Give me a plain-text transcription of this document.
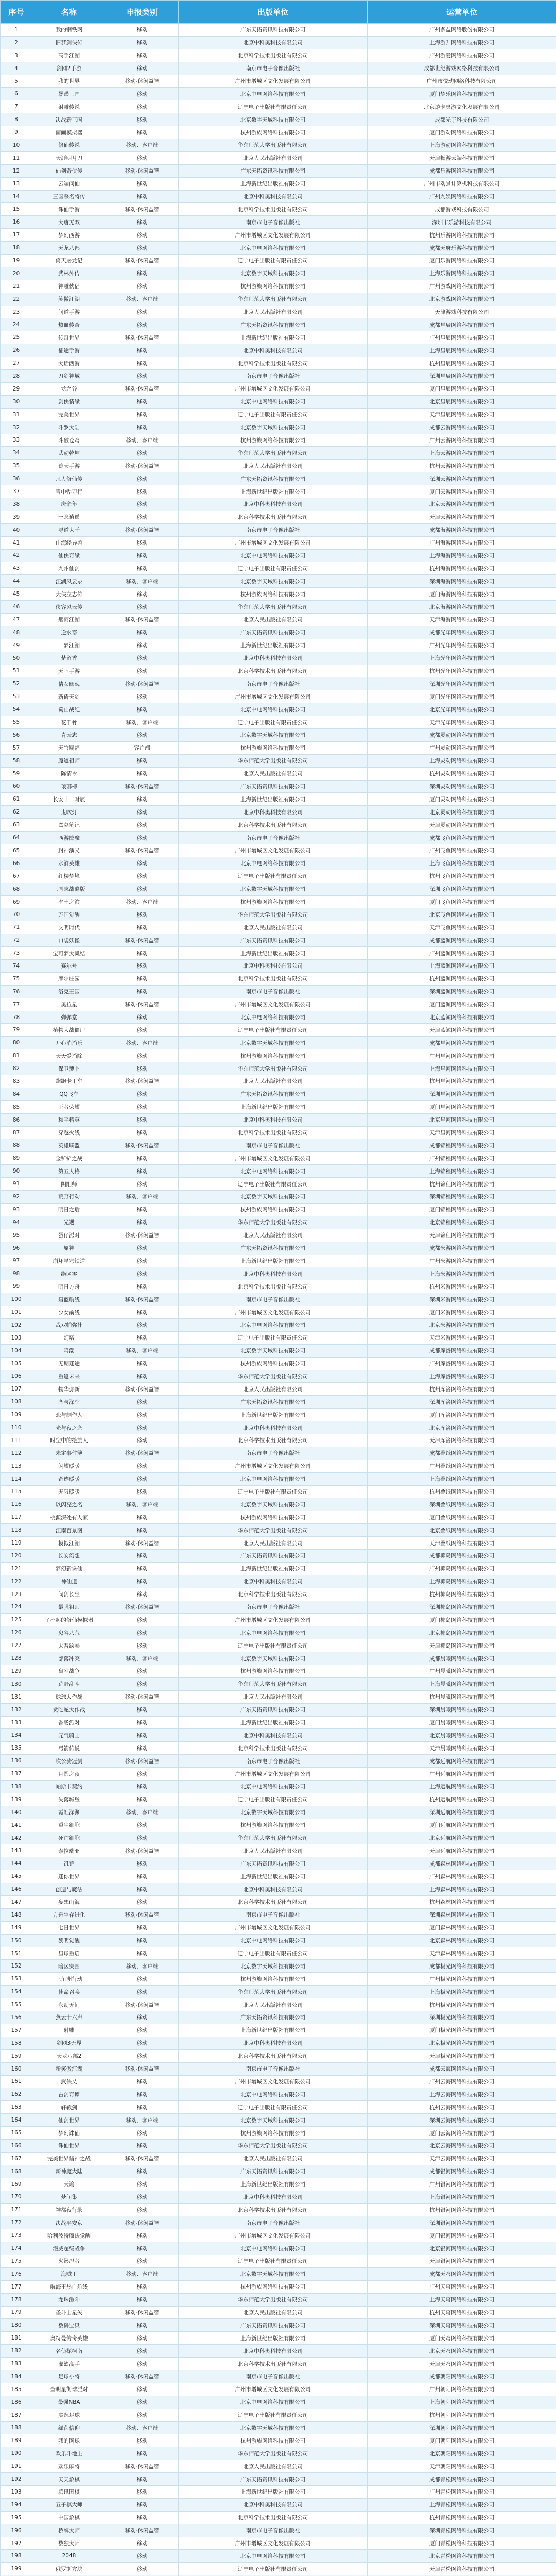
序号	名称	申报类别	出版单位	运营单位
1	我的钢铁网	移动	广东天拓资讯科技有限公司	广州多益网络股份有限公司
2	旧梦剑侠传	移动	北京中科奥科技有限公司	上海游升网络科技有限公司
3	高手江湖	移动	北京科学技术出版社有限公司	广州游爱网络科技有限公司
4	剑网2手游	移动	南京市电子音像出版社	成都世纪游戏网络科技有限公司
5	我的世界	移动-休闲益智	广州市增城区文化发展有限公司	广州市悦动网络科技有限公司
6	暴躁三国	移动	北京中电网络科技有限公司	厦门梦乐网络科技有限公司
7	射雕传说	移动	辽宁电子出版社有限责任公司	北京游卡桌游文化发展有限公司
8	决战新三国	移动	北京数字天域科技有限公司	成都光子科技有限公司
9	画画模拟器	移动	杭州游族网络科技有限公司	厦门游动网络科技有限公司
10	修仙传说	移动、客户端	华东师范大学出版社有限公司	上海游动网络科技有限公司
11	天涯明月刀	移动	北京人民出版社有限公司	天津畅游云端科技有限公司
12	仙剑奇侠传	移动-休闲益智	广东天拓资讯科技有限公司	成都乐游网络科技有限公司
13	云端问仙	移动	上海新世纪出版社有限公司	广州市动景计算机科技有限公司
14	三国杀名将传	移动	北京中科奥科技有限公司	广州九娱网络科技有限公司
15	诛仙手游	移动-休闲益智	北京科学技术出版社有限公司	成都游戏科技有限公司
16	大唐无双	移动	南京市电子音像出版社	深圳市乐游科技有限公司
17	梦幻西游	移动	广州市增城区文化发展有限公司	杭州乐游网络科技有限公司
18	天龙八部	移动	北京中电网络科技有限公司	成都天府乐游科技有限公司
19	倚天屠龙记	移动-休闲益智	辽宁电子出版社有限责任公司	厦门乐游网络科技有限公司
20	武林外传	移动	北京数字天域科技有限公司	上海乐游网络科技有限公司
21	神雕侠侣	移动	杭州游族网络科技有限公司	广州游戏网络科技有限公司
22	笑傲江湖	移动、客户端	华东师范大学出版社有限公司	北京游戏网络科技有限公司
23	问道手游	移动	北京人民出版社有限公司	天津游戏科技有限公司
24	热血传奇	移动	广东天拓资讯科技有限公司	成都星辰网络科技有限公司
25	传奇世界	移动-休闲益智	上海新世纪出版社有限公司	广州星辰网络科技有限公司
26	征途手游	移动	北京中科奥科技有限公司	上海星辰网络科技有限公司
27	大话西游	移动	北京科学技术出版社有限公司	杭州星辰网络科技有限公司
28	刀剑神域	移动	南京市电子音像出版社	深圳星辰网络科技有限公司
29	龙之谷	移动-休闲益智	广州市增城区文化发展有限公司	厦门星辰网络科技有限公司
30	剑侠情缘	移动	北京中电网络科技有限公司	北京星辰网络科技有限公司
31	完美世界	移动	辽宁电子出版社有限责任公司	天津星辰网络科技有限公司
32	斗罗大陆	移动	北京数字天域科技有限公司	成都云游网络科技有限公司
33	斗破苍穹	移动、客户端	杭州游族网络科技有限公司	广州云游网络科技有限公司
34	武动乾坤	移动	华东师范大学出版社有限公司	上海云游网络科技有限公司
35	遮天手游	移动-休闲益智	北京人民出版社有限公司	杭州云游网络科技有限公司
36	凡人修仙传	移动	广东天拓资讯科技有限公司	深圳云游网络科技有限公司
37	雪中悍刀行	移动	上海新世纪出版社有限公司	厦门云游网络科技有限公司
38	庆余年	移动	北京中科奥科技有限公司	北京云游网络科技有限公司
39	一念逍遥	移动	北京科学技术出版社有限公司	天津云游网络科技有限公司
40	寻道大千	移动-休闲益智	南京市电子音像出版社	成都海游网络科技有限公司
41	山海经异兽	移动	广州市增城区文化发展有限公司	广州海游网络科技有限公司
42	仙侠奇缘	移动	北京中电网络科技有限公司	上海海游网络科技有限公司
43	九州仙剑	移动	辽宁电子出版社有限责任公司	杭州海游网络科技有限公司
44	江湖风云录	移动、客户端	北京数字天域科技有限公司	深圳海游网络科技有限公司
45	大侠立志传	移动	杭州游族网络科技有限公司	厦门海游网络科技有限公司
46	侠客风云传	移动	华东师范大学出版社有限公司	北京海游网络科技有限公司
47	烟雨江湖	移动-休闲益智	北京人民出版社有限公司	天津海游网络科技有限公司
48	逆水寒	移动	广东天拓资讯科技有限公司	成都光年网络科技有限公司
49	一梦江湖	移动	上海新世纪出版社有限公司	广州光年网络科技有限公司
50	楚留香	移动	北京中科奥科技有限公司	上海光年网络科技有限公司
51	天下手游	移动	北京科学技术出版社有限公司	杭州光年网络科技有限公司
52	倩女幽魂	移动-休闲益智	南京市电子音像出版社	深圳光年网络科技有限公司
53	新倚天剑	移动	广州市增城区文化发展有限公司	厦门光年网络科技有限公司
54	蜀山战纪	移动	北京中电网络科技有限公司	北京光年网络科技有限公司
55	花千骨	移动、客户端	辽宁电子出版社有限责任公司	天津光年网络科技有限公司
56	青云志	移动	北京数字天域科技有限公司	成都灵动网络科技有限公司
57	天官赐福	客户端	杭州游族网络科技有限公司	广州灵动网络科技有限公司
58	魔道祖师	移动	华东师范大学出版社有限公司	上海灵动网络科技有限公司
59	陈情令	移动	北京人民出版社有限公司	杭州灵动网络科技有限公司
60	琅琊榜	移动-休闲益智	广东天拓资讯科技有限公司	深圳灵动网络科技有限公司
61	长安十二时辰	移动	上海新世纪出版社有限公司	厦门灵动网络科技有限公司
62	鬼吹灯	移动	北京中科奥科技有限公司	北京灵动网络科技有限公司
63	盗墓笔记	移动	北京科学技术出版社有限公司	天津灵动网络科技有限公司
64	西游降魔	移动	南京市电子音像出版社	成都飞鱼网络科技有限公司
65	封神演义	移动-休闲益智	广州市增城区文化发展有限公司	广州飞鱼网络科技有限公司
66	水浒英雄	移动	北京中电网络科技有限公司	上海飞鱼网络科技有限公司
67	红楼梦境	移动	辽宁电子出版社有限责任公司	杭州飞鱼网络科技有限公司
68	三国志战略版	移动	北京数字天域科技有限公司	深圳飞鱼网络科技有限公司
69	率土之滨	移动、客户端	杭州游族网络科技有限公司	厦门飞鱼网络科技有限公司
70	万国觉醒	移动	华东师范大学出版社有限公司	北京飞鱼网络科技有限公司
71	文明时代	移动	北京人民出版社有限公司	天津飞鱼网络科技有限公司
72	口袋妖怪	移动-休闲益智	广东天拓资讯科技有限公司	成都蓝鲸网络科技有限公司
73	宝可梦大集结	移动	上海新世纪出版社有限公司	广州蓝鲸网络科技有限公司
74	赛尔号	移动	北京中科奥科技有限公司	上海蓝鲸网络科技有限公司
75	摩尔庄园	移动	北京科学技术出版社有限公司	杭州蓝鲸网络科技有限公司
76	洛克王国	移动	南京市电子音像出版社	深圳蓝鲸网络科技有限公司
77	奥拉星	移动-休闲益智	广州市增城区文化发展有限公司	厦门蓝鲸网络科技有限公司
78	弹弹堂	移动	北京中电网络科技有限公司	北京蓝鲸网络科技有限公司
79	植物大战僵尸	移动	辽宁电子出版社有限责任公司	天津蓝鲸网络科技有限公司
80	开心消消乐	移动、客户端	北京数字天域科技有限公司	成都星河网络科技有限公司
81	天天爱消除	移动	杭州游族网络科技有限公司	广州星河网络科技有限公司
82	保卫萝卜	移动	华东师范大学出版社有限公司	上海星河网络科技有限公司
83	跑跑卡丁车	移动-休闲益智	北京人民出版社有限公司	杭州星河网络科技有限公司
84	QQ飞车	移动	广东天拓资讯科技有限公司	深圳星河网络科技有限公司
85	王者荣耀	移动	上海新世纪出版社有限公司	厦门星河网络科技有限公司
86	和平精英	移动	北京中科奥科技有限公司	北京星河网络科技有限公司
87	穿越火线	移动	北京科学技术出版社有限公司	天津星河网络科技有限公司
88	英雄联盟	移动-休闲益智	南京市电子音像出版社	成都锦程网络科技有限公司
89	金铲铲之战	移动	广州市增城区文化发展有限公司	广州锦程网络科技有限公司
90	第五人格	移动	北京中电网络科技有限公司	上海锦程网络科技有限公司
91	阴阳师	移动	辽宁电子出版社有限责任公司	杭州锦程网络科技有限公司
92	荒野行动	移动、客户端	北京数字天域科技有限公司	深圳锦程网络科技有限公司
93	明日之后	移动	杭州游族网络科技有限公司	厦门锦程网络科技有限公司
94	光遇	移动	华东师范大学出版社有限公司	北京锦程网络科技有限公司
95	蛋仔派对	移动-休闲益智	北京人民出版社有限公司	天津锦程网络科技有限公司
96	原神	移动	广东天拓资讯科技有限公司	成都米游网络科技有限公司
97	崩坏星穹铁道	移动	上海新世纪出版社有限公司	广州米游网络科技有限公司
98	绝区零	移动	北京中科奥科技有限公司	上海米游网络科技有限公司
99	明日方舟	移动	北京科学技术出版社有限公司	杭州米游网络科技有限公司
100	碧蓝航线	移动-休闲益智	南京市电子音像出版社	深圳米游网络科技有限公司
101	少女前线	移动	广州市增城区文化发展有限公司	厦门米游网络科技有限公司
102	战双帕弥什	移动	北京中电网络科技有限公司	北京米游网络科技有限公司
103	幻塔	移动	辽宁电子出版社有限责任公司	天津米游网络科技有限公司
104	鸣潮	移动、客户端	北京数字天域科技有限公司	成都库洛网络科技有限公司
105	无期迷途	移动	杭州游族网络科技有限公司	广州库洛网络科技有限公司
106	重返未来	移动	华东师范大学出版社有限公司	上海库洛网络科技有限公司
107	物华弥新	移动-休闲益智	北京人民出版社有限公司	杭州库洛网络科技有限公司
108	恋与深空	移动	广东天拓资讯科技有限公司	深圳库洛网络科技有限公司
109	恋与制作人	移动	上海新世纪出版社有限公司	厦门库洛网络科技有限公司
110	光与夜之恋	移动	北京中科奥科技有限公司	北京库洛网络科技有限公司
111	时空中的绘旅人	移动	北京科学技术出版社有限公司	天津库洛网络科技有限公司
112	未定事件簿	移动-休闲益智	南京市电子音像出版社	成都叠纸网络科技有限公司
113	闪耀暖暖	移动	广州市增城区文化发展有限公司	广州叠纸网络科技有限公司
114	奇迹暖暖	移动	北京中电网络科技有限公司	上海叠纸网络科技有限公司
115	无限暖暖	移动	辽宁电子出版社有限责任公司	杭州叠纸网络科技有限公司
116	以闪亮之名	移动、客户端	北京数字天域科技有限公司	深圳叠纸网络科技有限公司
117	桃源深处有人家	移动	杭州游族网络科技有限公司	厦门叠纸网络科技有限公司
118	江南百景图	移动	华东师范大学出版社有限公司	北京叠纸网络科技有限公司
119	模拟江湖	移动-休闲益智	北京人民出版社有限公司	天津叠纸网络科技有限公司
120	长安幻想	移动	广东天拓资讯科技有限公司	成都椰岛网络科技有限公司
121	梦幻新诛仙	移动	上海新世纪出版社有限公司	广州椰岛网络科技有限公司
122	神仙道	移动	北京中科奥科技有限公司	上海椰岛网络科技有限公司
123	问剑长生	移动	北京科学技术出版社有限公司	杭州椰岛网络科技有限公司
124	最强祖师	移动-休闲益智	南京市电子音像出版社	深圳椰岛网络科技有限公司
125	了不起的修仙模拟器	移动	广州市增城区文化发展有限公司	厦门椰岛网络科技有限公司
126	鬼谷八荒	移动	北京中电网络科技有限公司	北京椰岛网络科技有限公司
127	太吾绘卷	移动	辽宁电子出版社有限责任公司	天津椰岛网络科技有限公司
128	部落冲突	移动、客户端	北京数字天域科技有限公司	成都晨曦网络科技有限公司
129	皇室战争	移动	杭州游族网络科技有限公司	广州晨曦网络科技有限公司
130	荒野乱斗	移动	华东师范大学出版社有限公司	上海晨曦网络科技有限公司
131	球球大作战	移动-休闲益智	北京人民出版社有限公司	杭州晨曦网络科技有限公司
132	贪吃蛇大作战	移动	广东天拓资讯科技有限公司	深圳晨曦网络科技有限公司
133	香肠派对	移动	上海新世纪出版社有限公司	厦门晨曦网络科技有限公司
134	元气骑士	移动	北京中科奥科技有限公司	北京晨曦网络科技有限公司
135	弓箭传说	移动	北京科学技术出版社有限公司	天津晨曦网络科技有限公司
136	坎公骑冠剑	移动-休闲益智	南京市电子音像出版社	成都远航网络科技有限公司
137	月圆之夜	移动	广州市增城区文化发展有限公司	广州远航网络科技有限公司
138	帕斯卡契约	移动	北京中电网络科技有限公司	上海远航网络科技有限公司
139	失落城堡	移动	辽宁电子出版社有限责任公司	杭州远航网络科技有限公司
140	霓虹深渊	移动、客户端	北京数字天域科技有限公司	深圳远航网络科技有限公司
141	重生细胞	移动	杭州游族网络科技有限公司	厦门远航网络科技有限公司
142	死亡细胞	移动	华东师范大学出版社有限公司	北京远航网络科技有限公司
143	泰拉瑞亚	移动-休闲益智	北京人民出版社有限公司	天津远航网络科技有限公司
144	饥荒	移动	广东天拓资讯科技有限公司	成都森林网络科技有限公司
145	迷你世界	移动	上海新世纪出版社有限公司	广州森林网络科技有限公司
146	创造与魔法	移动	北京中科奥科技有限公司	上海森林网络科技有限公司
147	妄想山海	移动	北京科学技术出版社有限公司	杭州森林网络科技有限公司
148	方舟生存进化	移动-休闲益智	南京市电子音像出版社	深圳森林网络科技有限公司
149	七日世界	移动	广州市增城区文化发展有限公司	厦门森林网络科技有限公司
150	黎明觉醒	移动	北京中电网络科技有限公司	北京森林网络科技有限公司
151	星球重启	移动	辽宁电子出版社有限责任公司	天津森林网络科技有限公司
152	暗区突围	移动、客户端	北京数字天域科技有限公司	成都极光网络科技有限公司
153	三角洲行动	移动	杭州游族网络科技有限公司	广州极光网络科技有限公司
154	使命召唤	移动	华东师范大学出版社有限公司	上海极光网络科技有限公司
155	永劫无间	移动-休闲益智	北京人民出版社有限公司	杭州极光网络科技有限公司
156	燕云十六声	移动	广东天拓资讯科技有限公司	深圳极光网络科技有限公司
157	射雕	移动	上海新世纪出版社有限公司	厦门极光网络科技有限公司
158	剑网3无界	移动	北京中科奥科技有限公司	北京极光网络科技有限公司
159	天龙八部2	移动	北京科学技术出版社有限公司	天津极光网络科技有限公司
160	新笑傲江湖	移动-休闲益智	南京市电子音像出版社	成都云海网络科技有限公司
161	武侠乂	移动	广州市增城区文化发展有限公司	广州云海网络科技有限公司
162	古剑奇谭	移动	北京中电网络科技有限公司	上海云海网络科技有限公司
163	轩辕剑	移动	辽宁电子出版社有限责任公司	杭州云海网络科技有限公司
164	仙剑世界	移动、客户端	北京数字天域科技有限公司	深圳云海网络科技有限公司
165	梦幻诛仙	移动	杭州游族网络科技有限公司	厦门云海网络科技有限公司
166	诛仙世界	移动	华东师范大学出版社有限公司	北京云海网络科技有限公司
167	完美世界诸神之战	移动-休闲益智	北京人民出版社有限公司	天津云海网络科技有限公司
168	新神魔大陆	移动	广东天拓资讯科技有限公司	成都银河网络科技有限公司
169	天谕	移动	上海新世纪出版社有限公司	广州银河网络科技有限公司
170	梦间集	移动	北京中科奥科技有限公司	上海银河网络科技有限公司
171	神都夜行录	移动	北京科学技术出版社有限公司	杭州银河网络科技有限公司
172	决战平安京	移动-休闲益智	南京市电子音像出版社	深圳银河网络科技有限公司
173	哈利波特魔法觉醒	移动	广州市增城区文化发展有限公司	厦门银河网络科技有限公司
174	漫威超级战争	移动	北京中电网络科技有限公司	北京银河网络科技有限公司
175	火影忍者	移动	辽宁电子出版社有限责任公司	天津银河网络科技有限公司
176	海贼王	移动、客户端	北京数字天域科技有限公司	成都天穹网络科技有限公司
177	航海王热血航线	移动	杭州游族网络科技有限公司	广州天穹网络科技有限公司
178	龙珠激斗	移动	华东师范大学出版社有限公司	上海天穹网络科技有限公司
179	圣斗士星矢	移动-休闲益智	北京人民出版社有限公司	杭州天穹网络科技有限公司
180	数码宝贝	移动	广东天拓资讯科技有限公司	深圳天穹网络科技有限公司
181	奥特曼传奇英雄	移动	上海新世纪出版社有限公司	厦门天穹网络科技有限公司
182	名侦探柯南	移动	北京中科奥科技有限公司	北京天穹网络科技有限公司
183	灌篮高手	移动	北京科学技术出版社有限公司	天津天穹网络科技有限公司
184	足球小将	移动-休闲益智	南京市电子音像出版社	成都朝阳网络科技有限公司
185	全明星街球派对	移动	广州市增城区文化发展有限公司	广州朝阳网络科技有限公司
186	最强NBA	移动	北京中电网络科技有限公司	上海朝阳网络科技有限公司
187	实况足球	移动	辽宁电子出版社有限责任公司	杭州朝阳网络科技有限公司
188	绿茵信仰	移动、客户端	北京数字天域科技有限公司	深圳朝阳网络科技有限公司
189	我的网球	移动	杭州游族网络科技有限公司	厦门朝阳网络科技有限公司
190	欢乐斗地主	移动	华东师范大学出版社有限公司	北京朝阳网络科技有限公司
191	欢乐麻将	移动-休闲益智	北京人民出版社有限公司	天津朝阳网络科技有限公司
192	天天象棋	移动	广东天拓资讯科技有限公司	成都青松网络科技有限公司
193	腾讯围棋	移动	上海新世纪出版社有限公司	广州青松网络科技有限公司
194	五子棋大师	移动	北京中科奥科技有限公司	上海青松网络科技有限公司
195	中国象棋	移动	北京科学技术出版社有限公司	杭州青松网络科技有限公司
196	桥牌大师	移动-休闲益智	南京市电子音像出版社	深圳青松网络科技有限公司
197	数独大师	移动	广州市增城区文化发展有限公司	厦门青松网络科技有限公司
198	2048	移动	北京中电网络科技有限公司	北京青松网络科技有限公司
199	俄罗斯方块	移动	辽宁电子出版社有限责任公司	天津青松网络科技有限公司
